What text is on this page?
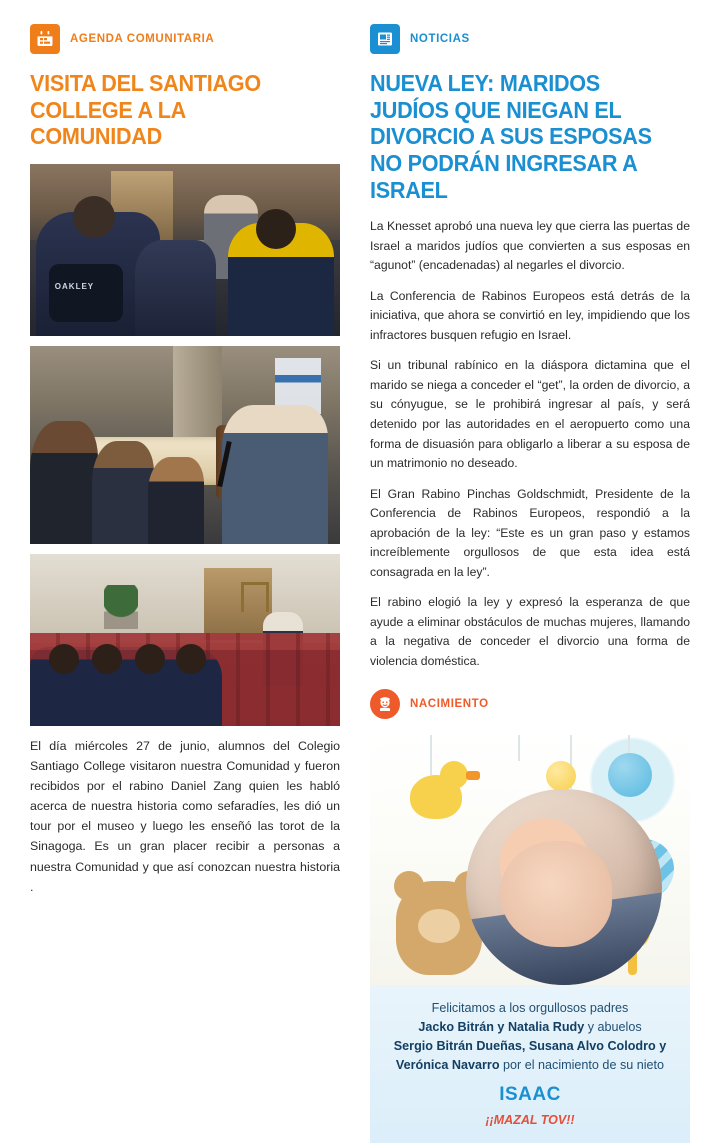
AGENDA COMUNITARIA
VISITA DEL SANTIAGO COLLEGE A LA COMUNIDAD
OAKLEY

El día miércoles 27 de junio, alumnos del Colegio Santiago College visitaron nuestra Comunidad y fueron recibidos por el rabino Daniel Zang quien les habló acerca de nuestra historia como sefaradíes, les dió un tour por el museo y luego les enseñó las torot de la Sinagoga. Es un gran placer recibir a personas a nuestra Comunidad y que así conozcan nuestra historia .

NOTICIAS
NUEVA LEY: MARIDOS JUDÍOS QUE NIEGAN EL DIVORCIO A SUS ESPOSAS NO PODRÁN INGRESAR A ISRAEL

La Knesset aprobó una nueva ley que cierra las puertas de Israel a maridos judíos que convierten a sus esposas en “agunot” (encadenadas) al negarles el divorcio.

La Conferencia de Rabinos Europeos está detrás de la iniciativa, que ahora se convirtió en ley, impidiendo que los infractores busquen refugio en Israel.

Si un tribunal rabínico en la diáspora dictamina que el marido se niega a conceder el “get”, la orden de divorcio, a su cónyugue, se le prohibirá ingresar al país, y será detenido por las autoridades en el aeropuerto como una forma de disuasión para obligarlo a liberar a su esposa de un matrimonio no deseado.

El Gran Rabino Pinchas Goldschmidt, Presidente de la Conferencia de Rabinos Europeos, respondió a la aprobación de la ley: “Este es un gran paso y estamos increíblemente orgullosos de que esta idea está consagrada en la ley”.

El rabino elogió la ley y expresó la esperanza de que ayude a eliminar obstáculos de muchas mujeres, llamando a la negativa de conceder el divorcio una forma de violencia doméstica.

NACIMIENTO
Felicitamos a los orgullosos padres
Jacko Bitrán y Natalia Rudy y abuelos
Sergio Bitrán Dueñas, Susana Alvo Colodro y Verónica Navarro por el nacimiento de su nieto
ISAAC
¡¡MAZAL TOV!!
